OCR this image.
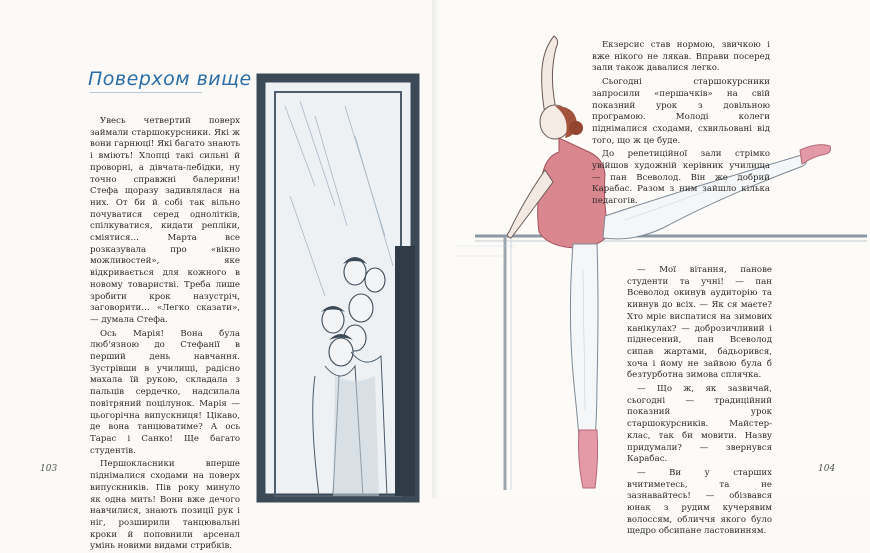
Поверхом вище

Увесь четвертий поверх займали старшокурсники. Які ж вони гарнюці! Які багато знають і вміють! Хлопці такі сильні й проворні, а дівчата-лебідки, ну точно справжні балерини! Стефа щоразу задивлялася на них. От би й собі так вільно почуватися серед однолітків, спілкуватися, кидати репліки, сміятися… Марта все розказувала про «вікно можливостей», яке відкривається для кожного в новому товаристві. Треба лише зробити крок назустріч, заговорити… «Легко сказати», — думала Стефа.

Ось Марія! Вона була люб'язною до Стефанії в перший день навчання. Зустрівши в училищі, радісно махала їй рукою, складала з пальців сердечко, надсилала повітряний поцілунок. Марія — цьогорічна випускниця! Цікаво, де вона танцюватиме? А ось Тарас і Санко! Ще багато студентів.

Першокласники вперше піднімалися сходами на поверх випускників. Пів року минуло як одна мить! Вони вже дечого навчилися, знають позиції рук і ніг, розширили танцювальні кроки й поповнили арсенал умінь новими видами стрибків.

Екзерсис став нормою, звичкою і вже нікого не лякав. Вправи посеред зали також давалися легко.

Сьогодні старшокурсники запросили «першачків» на свій показний урок з довільною програмою. Молоді колеги піднімалися сходами, схвильовані від того, що ж це буде.

До репетиційної зали стрімко увійшов художній керівник училища — пан Всеволод. Він же добрий Карабас. Разом з ним зайшло кілька педагогів.

— Мої вітання, панове студенти та учні! — пан Всеволод окинув аудиторію та кивнув до всіх. — Як ся маєте? Хто мріє виспатися на зимових канікулах? — доброзичливий і піднесений, пан Всеволод сипав жартами, бадьорився, хоча і йому не зайвою була б безтурботна зимова сплячка.

— Що ж, як зазвичай, сьогодні — традиційний показний урок старшокурсників. Майстер-клас, так би мовити. Назву придумали? — звернувся Карабас.

— Ви у старших вчитиметесь, та не зазнавайтесь! — обізвався юнак з рудим кучерявим волоссям, обличчя якого було щедро обсипане ластовинням.

103	104
